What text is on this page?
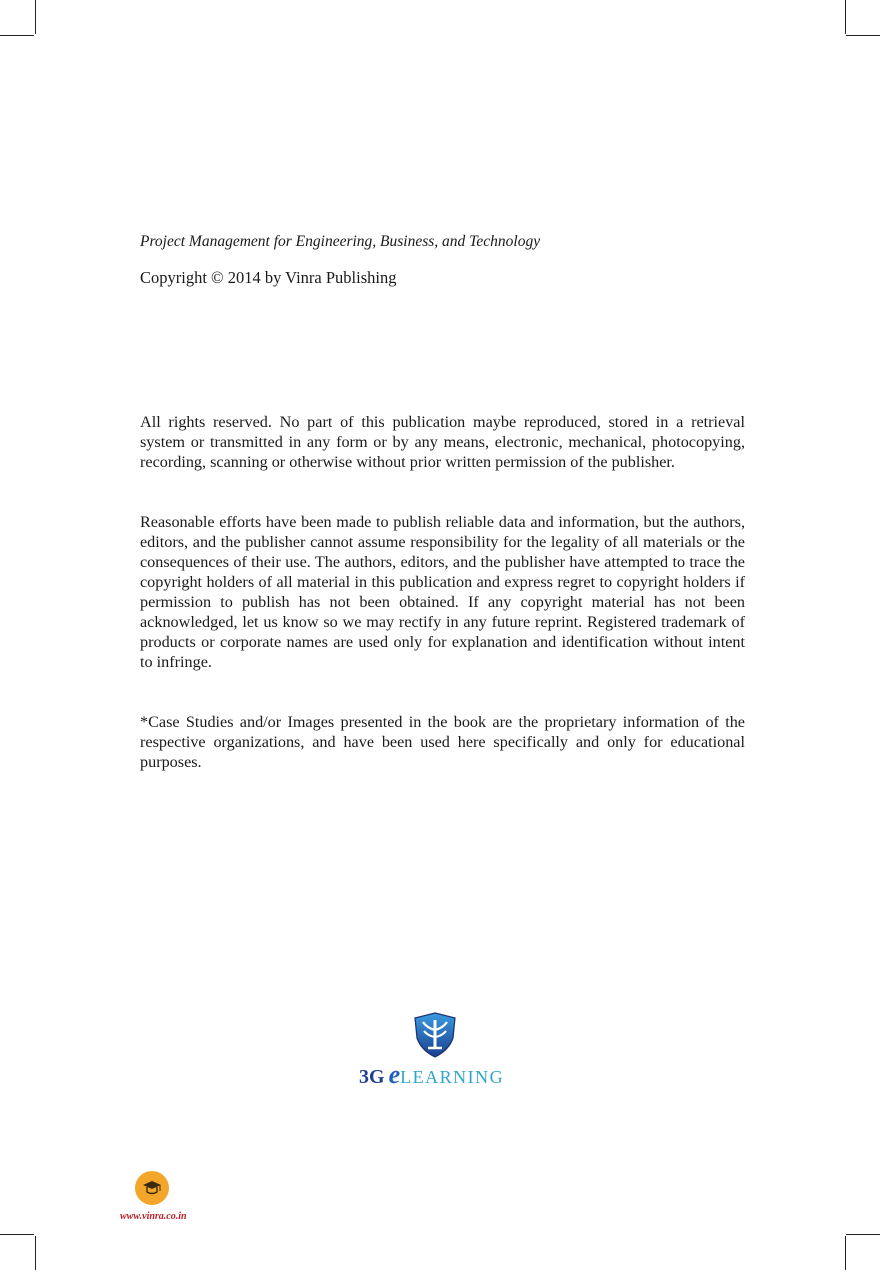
Project Management for Engineering, Business, and Technology
Copyright © 2014 by Vinra Publishing

All rights reserved. No part of this publication maybe reproduced, stored in a retrieval system or transmitted in any form or by any means, electronic, mechanical, photocopying, recording, scanning or otherwise without prior written permission of the publisher.

Reasonable efforts have been made to publish reliable data and information, but the authors, editors, and the publisher cannot assume responsibility for the legality of all materials or the consequences of their use. The authors, editors, and the publisher have attempted to trace the copyright holders of all material in this publication and express regret to copyright holders if permission to publish has not been obtained. If any copyright material has not been acknowledged, let us know so we may rectify in any future reprint. Registered trademark of products or corporate names are used only for explanation and identification without intent to infringe.

*Case Studies and/or Images presented in the book are the proprietary information of the respective organizations, and have been used here specifically and only for educational purposes.

3G eLEARNING
www.vinra.co.in
